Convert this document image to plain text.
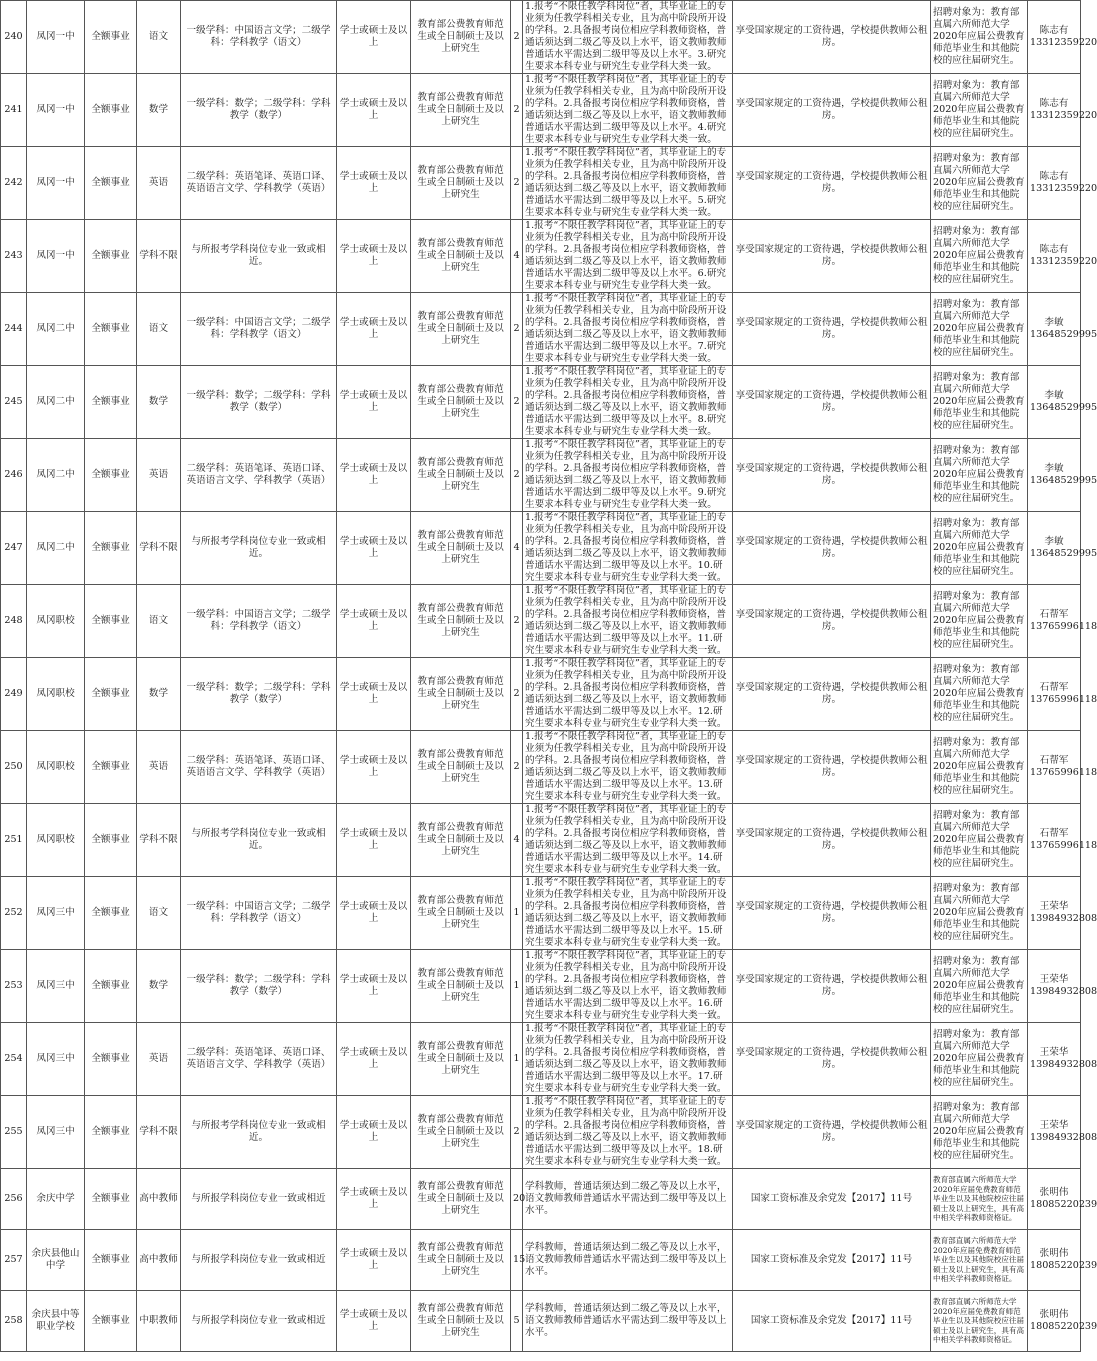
240	凤冈一中	全额事业	语文	一级学科：中国语言文学；二级学科：学科教学（语文）	学士或硕士及以上	教育部公费教育师范生或全日制硕士及以上研究生	2	1.报考“不限任教学科岗位”者，其毕业证上的专业须为任教学科相关专业，且为高中阶段所开设的学科。2.具备报考岗位相应学科教师资格，普通话须达到二级乙等及以上水平，语文教师教师普通话水平需达到二级甲等及以上水平。3.研究生要求本科专业与研究生专业学科大类一致。	享受国家规定的工资待遇，学校提供教师公租房。	招聘对象为：教育部直属六所师范大学2020年应届公费教育师范毕业生和其他院校的应往届研究生。	陈志有 13312359220
241	凤冈一中	全额事业	数学	一级学科：数学；二级学科：学科教学（数学）	学士或硕士及以上	教育部公费教育师范生或全日制硕士及以上研究生	2	1.报考“不限任教学科岗位”者，其毕业证上的专业须为任教学科相关专业，且为高中阶段所开设的学科。2.具备报考岗位相应学科教师资格，普通话须达到二级乙等及以上水平，语文教师教师普通话水平需达到二级甲等及以上水平。4.研究生要求本科专业与研究生专业学科大类一致。	享受国家规定的工资待遇，学校提供教师公租房。	招聘对象为：教育部直属六所师范大学2020年应届公费教育师范毕业生和其他院校的应往届研究生。	陈志有 13312359220
242	凤冈一中	全额事业	英语	二级学科：英语笔译、英语口译、英语语言文学、学科教学（英语）	学士或硕士及以上	教育部公费教育师范生或全日制硕士及以上研究生	2	1.报考“不限任教学科岗位”者，其毕业证上的专业须为任教学科相关专业，且为高中阶段所开设的学科。2.具备报考岗位相应学科教师资格，普通话须达到二级乙等及以上水平，语文教师教师普通话水平需达到二级甲等及以上水平。5.研究生要求本科专业与研究生专业学科大类一致。	享受国家规定的工资待遇，学校提供教师公租房。	招聘对象为：教育部直属六所师范大学2020年应届公费教育师范毕业生和其他院校的应往届研究生。	陈志有 13312359220
243	凤冈一中	全额事业	学科不限	与所报考学科岗位专业一致或相近。	学士或硕士及以上	教育部公费教育师范生或全日制硕士及以上研究生	4	1.报考“不限任教学科岗位”者，其毕业证上的专业须为任教学科相关专业，且为高中阶段所开设的学科。2.具备报考岗位相应学科教师资格，普通话须达到二级乙等及以上水平，语文教师教师普通话水平需达到二级甲等及以上水平。6.研究生要求本科专业与研究生专业学科大类一致。	享受国家规定的工资待遇，学校提供教师公租房。	招聘对象为：教育部直属六所师范大学2020年应届公费教育师范毕业生和其他院校的应往届研究生。	陈志有 13312359220
244	凤冈二中	全额事业	语文	一级学科：中国语言文学；二级学科：学科教学（语文）	学士或硕士及以上	教育部公费教育师范生或全日制硕士及以上研究生	2	1.报考“不限任教学科岗位”者，其毕业证上的专业须为任教学科相关专业，且为高中阶段所开设的学科。2.具备报考岗位相应学科教师资格，普通话须达到二级乙等及以上水平，语文教师教师普通话水平需达到二级甲等及以上水平。7.研究生要求本科专业与研究生专业学科大类一致。	享受国家规定的工资待遇，学校提供教师公租房。	招聘对象为：教育部直属六所师范大学2020年应届公费教育师范毕业生和其他院校的应往届研究生。	李敏 13648529995
245	凤冈二中	全额事业	数学	一级学科：数学；二级学科：学科教学（数学）	学士或硕士及以上	教育部公费教育师范生或全日制硕士及以上研究生	2	1.报考“不限任教学科岗位”者，其毕业证上的专业须为任教学科相关专业，且为高中阶段所开设的学科。2.具备报考岗位相应学科教师资格，普通话须达到二级乙等及以上水平，语文教师教师普通话水平需达到二级甲等及以上水平。8.研究生要求本科专业与研究生专业学科大类一致。	享受国家规定的工资待遇，学校提供教师公租房。	招聘对象为：教育部直属六所师范大学2020年应届公费教育师范毕业生和其他院校的应往届研究生。	李敏 13648529995
246	凤冈二中	全额事业	英语	二级学科：英语笔译、英语口译、英语语言文学、学科教学（英语）	学士或硕士及以上	教育部公费教育师范生或全日制硕士及以上研究生	2	1.报考“不限任教学科岗位”者，其毕业证上的专业须为任教学科相关专业，且为高中阶段所开设的学科。2.具备报考岗位相应学科教师资格，普通话须达到二级乙等及以上水平，语文教师教师普通话水平需达到二级甲等及以上水平。9.研究生要求本科专业与研究生专业学科大类一致。	享受国家规定的工资待遇，学校提供教师公租房。	招聘对象为：教育部直属六所师范大学2020年应届公费教育师范毕业生和其他院校的应往届研究生。	李敏 13648529995
247	凤冈二中	全额事业	学科不限	与所报考学科岗位专业一致或相近。	学士或硕士及以上	教育部公费教育师范生或全日制硕士及以上研究生	4	1.报考“不限任教学科岗位”者，其毕业证上的专业须为任教学科相关专业，且为高中阶段所开设的学科。2.具备报考岗位相应学科教师资格，普通话须达到二级乙等及以上水平，语文教师教师普通话水平需达到二级甲等及以上水平。10.研究生要求本科专业与研究生专业学科大类一致。	享受国家规定的工资待遇，学校提供教师公租房。	招聘对象为：教育部直属六所师范大学2020年应届公费教育师范毕业生和其他院校的应往届研究生。	李敏 13648529995
248	凤冈职校	全额事业	语文	一级学科：中国语言文学；二级学科：学科教学（语文）	学士或硕士及以上	教育部公费教育师范生或全日制硕士及以上研究生	2	1.报考“不限任教学科岗位”者，其毕业证上的专业须为任教学科相关专业，且为高中阶段所开设的学科。2.具备报考岗位相应学科教师资格，普通话须达到二级乙等及以上水平，语文教师教师普通话水平需达到二级甲等及以上水平。11.研究生要求本科专业与研究生专业学科大类一致。	享受国家规定的工资待遇，学校提供教师公租房。	招聘对象为：教育部直属六所师范大学2020年应届公费教育师范毕业生和其他院校的应往届研究生。	石帮军 13765996118
249	凤冈职校	全额事业	数学	一级学科：数学；二级学科：学科教学（数学）	学士或硕士及以上	教育部公费教育师范生或全日制硕士及以上研究生	2	1.报考“不限任教学科岗位”者，其毕业证上的专业须为任教学科相关专业，且为高中阶段所开设的学科。2.具备报考岗位相应学科教师资格，普通话须达到二级乙等及以上水平，语文教师教师普通话水平需达到二级甲等及以上水平。12.研究生要求本科专业与研究生专业学科大类一致。	享受国家规定的工资待遇，学校提供教师公租房。	招聘对象为：教育部直属六所师范大学2020年应届公费教育师范毕业生和其他院校的应往届研究生。	石帮军 13765996118
250	凤冈职校	全额事业	英语	二级学科：英语笔译、英语口译、英语语言文学、学科教学（英语）	学士或硕士及以上	教育部公费教育师范生或全日制硕士及以上研究生	2	1.报考“不限任教学科岗位”者，其毕业证上的专业须为任教学科相关专业，且为高中阶段所开设的学科。2.具备报考岗位相应学科教师资格，普通话须达到二级乙等及以上水平，语文教师教师普通话水平需达到二级甲等及以上水平。13.研究生要求本科专业与研究生专业学科大类一致。	享受国家规定的工资待遇，学校提供教师公租房。	招聘对象为：教育部直属六所师范大学2020年应届公费教育师范毕业生和其他院校的应往届研究生。	石帮军 13765996118
251	凤冈职校	全额事业	学科不限	与所报考学科岗位专业一致或相近。	学士或硕士及以上	教育部公费教育师范生或全日制硕士及以上研究生	4	1.报考“不限任教学科岗位”者，其毕业证上的专业须为任教学科相关专业，且为高中阶段所开设的学科。2.具备报考岗位相应学科教师资格，普通话须达到二级乙等及以上水平，语文教师教师普通话水平需达到二级甲等及以上水平。14.研究生要求本科专业与研究生专业学科大类一致。	享受国家规定的工资待遇，学校提供教师公租房。	招聘对象为：教育部直属六所师范大学2020年应届公费教育师范毕业生和其他院校的应往届研究生。	石帮军 13765996118
252	凤冈三中	全额事业	语文	一级学科：中国语言文学；二级学科：学科教学（语文）	学士或硕士及以上	教育部公费教育师范生或全日制硕士及以上研究生	1	1.报考“不限任教学科岗位”者，其毕业证上的专业须为任教学科相关专业，且为高中阶段所开设的学科。2.具备报考岗位相应学科教师资格，普通话须达到二级乙等及以上水平，语文教师教师普通话水平需达到二级甲等及以上水平。15.研究生要求本科专业与研究生专业学科大类一致。	享受国家规定的工资待遇，学校提供教师公租房。	招聘对象为：教育部直属六所师范大学2020年应届公费教育师范毕业生和其他院校的应往届研究生。	王荣华 13984932808
253	凤冈三中	全额事业	数学	一级学科：数学；二级学科：学科教学（数学）	学士或硕士及以上	教育部公费教育师范生或全日制硕士及以上研究生	1	1.报考“不限任教学科岗位”者，其毕业证上的专业须为任教学科相关专业，且为高中阶段所开设的学科。2.具备报考岗位相应学科教师资格，普通话须达到二级乙等及以上水平，语文教师教师普通话水平需达到二级甲等及以上水平。16.研究生要求本科专业与研究生专业学科大类一致。	享受国家规定的工资待遇，学校提供教师公租房。	招聘对象为：教育部直属六所师范大学2020年应届公费教育师范毕业生和其他院校的应往届研究生。	王荣华 13984932808
254	凤冈三中	全额事业	英语	二级学科：英语笔译、英语口译、英语语言文学、学科教学（英语）	学士或硕士及以上	教育部公费教育师范生或全日制硕士及以上研究生	1	1.报考“不限任教学科岗位”者，其毕业证上的专业须为任教学科相关专业，且为高中阶段所开设的学科。2.具备报考岗位相应学科教师资格，普通话须达到二级乙等及以上水平，语文教师教师普通话水平需达到二级甲等及以上水平。17.研究生要求本科专业与研究生专业学科大类一致。	享受国家规定的工资待遇，学校提供教师公租房。	招聘对象为：教育部直属六所师范大学2020年应届公费教育师范毕业生和其他院校的应往届研究生。	王荣华 13984932808
255	凤冈三中	全额事业	学科不限	与所报考学科岗位专业一致或相近。	学士或硕士及以上	教育部公费教育师范生或全日制硕士及以上研究生	2	1.报考“不限任教学科岗位”者，其毕业证上的专业须为任教学科相关专业，且为高中阶段所开设的学科。2.具备报考岗位相应学科教师资格，普通话须达到二级乙等及以上水平，语文教师教师普通话水平需达到二级甲等及以上水平。18.研究生要求本科专业与研究生专业学科大类一致。	享受国家规定的工资待遇，学校提供教师公租房。	招聘对象为：教育部直属六所师范大学2020年应届公费教育师范毕业生和其他院校的应往届研究生。	王荣华 13984932808
256	余庆中学	全额事业	高中教师	与所报学科岗位专业一致或相近	学士或硕士及以上	教育部公费教育师范生或全日制硕士及以上研究生	20	学科教师，普通话须达到二级乙等及以上水平，语文教师教师普通话水平需达到二级甲等及以上水平。	国家工资标准及余党发【2017】11号	教育部直属六所师范大学2020年应届免费教育师范毕业生以及其他院校应往届硕士及以上研究生，具有高中相关学科教师资格证。	张明伟 18085220239
257	余庆县他山中学	全额事业	高中教师	与所报学科岗位专业一致或相近	学士或硕士及以上	教育部公费教育师范生或全日制硕士及以上研究生	15	学科教师，普通话须达到二级乙等及以上水平，语文教师教师普通话水平需达到二级甲等及以上水平。	国家工资标准及余党发【2017】11号	教育部直属六所师范大学2020年应届免费教育师范毕业生以及其他院校应往届硕士及以上研究生，具有高中相关学科教师资格证。	张明伟 18085220239
258	余庆县中等职业学校	全额事业	中职教师	与所报学科岗位专业一致或相近	学士或硕士及以上	教育部公费教育师范生或全日制硕士及以上研究生	5	学科教师，普通话须达到二级乙等及以上水平，语文教师教师普通话水平需达到二级甲等及以上水平。	国家工资标准及余党发【2017】11号	教育部直属六所师范大学2020年应届免费教育师范毕业生以及其他院校应往届硕士及以上研究生，具有高中相关学科教师资格证。	张明伟 18085220239
